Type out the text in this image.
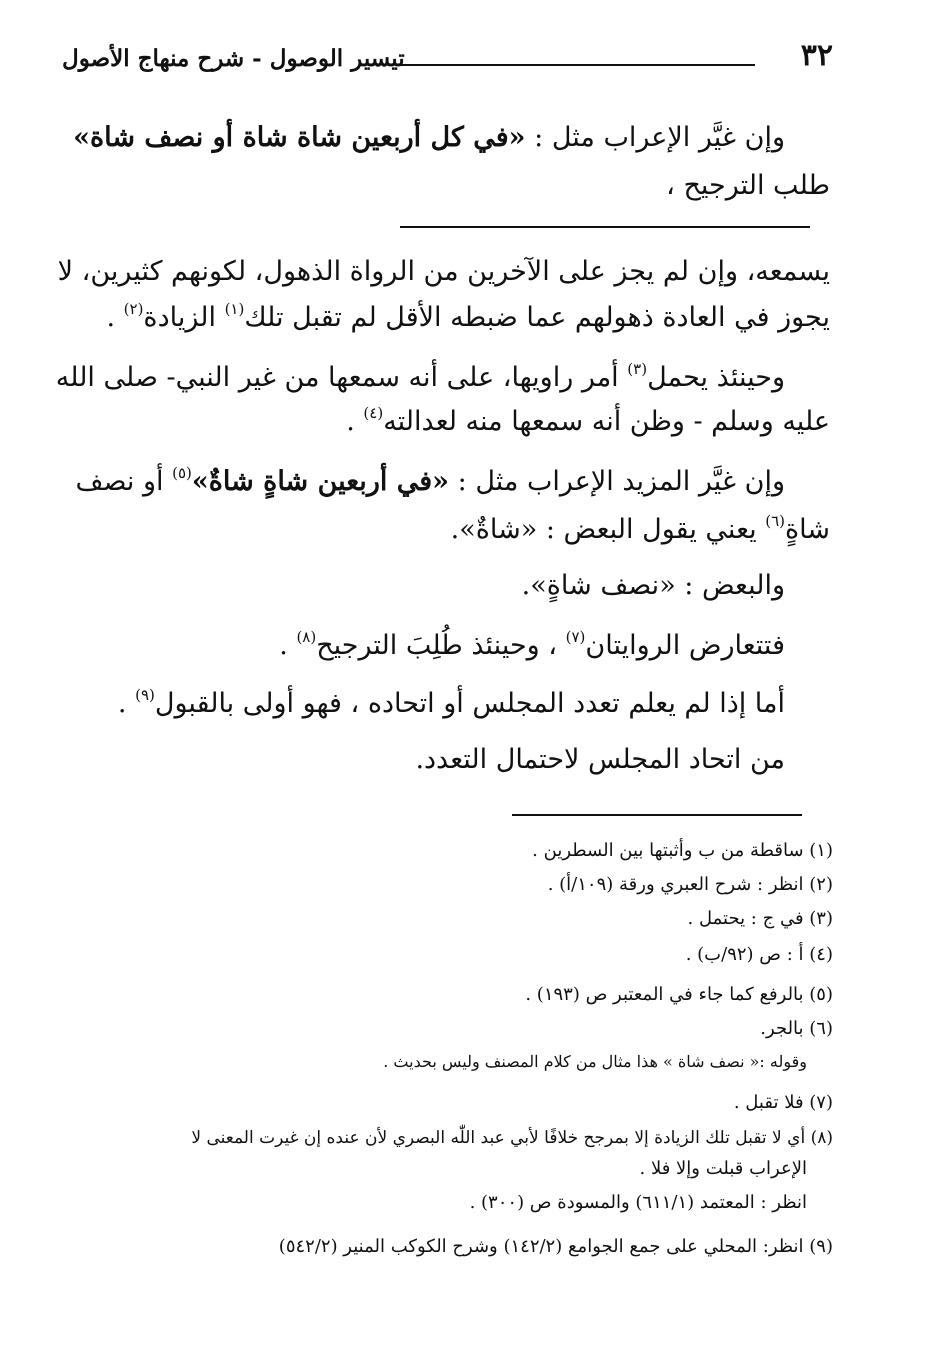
٣٢
تيسير الوصول - شرح منهاج الأصول
وإن غيَّر الإعراب مثل : «في كل أربعين شاة شاة أو نصف شاة»
طلب الترجيح ،
يسمعه، وإن لم يجز على الآخرين من الرواة الذهول، لكونهم كثيرين، لا
يجوز في العادة ذهولهم عما ضبطه الأقل لم تقبل تلك$^{(١)}$ الزيادة$^{(٢)}$ .
وحينئذ يحمل$^{(٣)}$ أمر راويها، على أنه سمعها من غير النبي- صلى الله
عليه وسلم - وظن أنه سمعها منه لعدالته$^{(٤)}$ .
وإن غيَّر المزيد الإعراب مثل : «في أربعين شاةٍ شاةٌ»$^{(٥)}$ أو نصف
شاةٍ$^{(٦)}$ يعني يقول البعض : «شاةٌ».
والبعض : «نصف شاةٍ».
فتتعارض الروايتان$^{(٧)}$ ، وحينئذ طُلِبَ الترجيح$^{(٨)}$ .
أما إذا لم يعلم تعدد المجلس أو اتحاده ، فهو أولى بالقبول$^{(٩)}$ .
من اتحاد المجلس لاحتمال التعدد.
(١) ساقطة من ب وأثبتها بين السطرين .
(٢) انظر : شرح العبري ورقة (١٠٩/أ) .
(٣) في ج : يحتمل .
(٤) أ : ص (٩٢/ب) .
(٥) بالرفع كما جاء في المعتبر ص (١٩٣) .
(٦) بالجر.
وقوله :« نصف شاة » هذا مثال من كلام المصنف وليس بحديث .
(٧) فلا تقبل .
(٨) أي لا تقبل تلك الزيادة إلا بمرجح خلافًا لأبي عبد اللّٰه البصري لأن عنده إن غيرت المعنى لا
الإعراب قبلت وإلا فلا .
انظر : المعتمد (٦١١/١) والمسودة ص (٣٠٠) .
(٩) انظر: المحلي على جمع الجوامع (١٤٢/٢) وشرح الكوكب المنير (٥٤٢/٢)
